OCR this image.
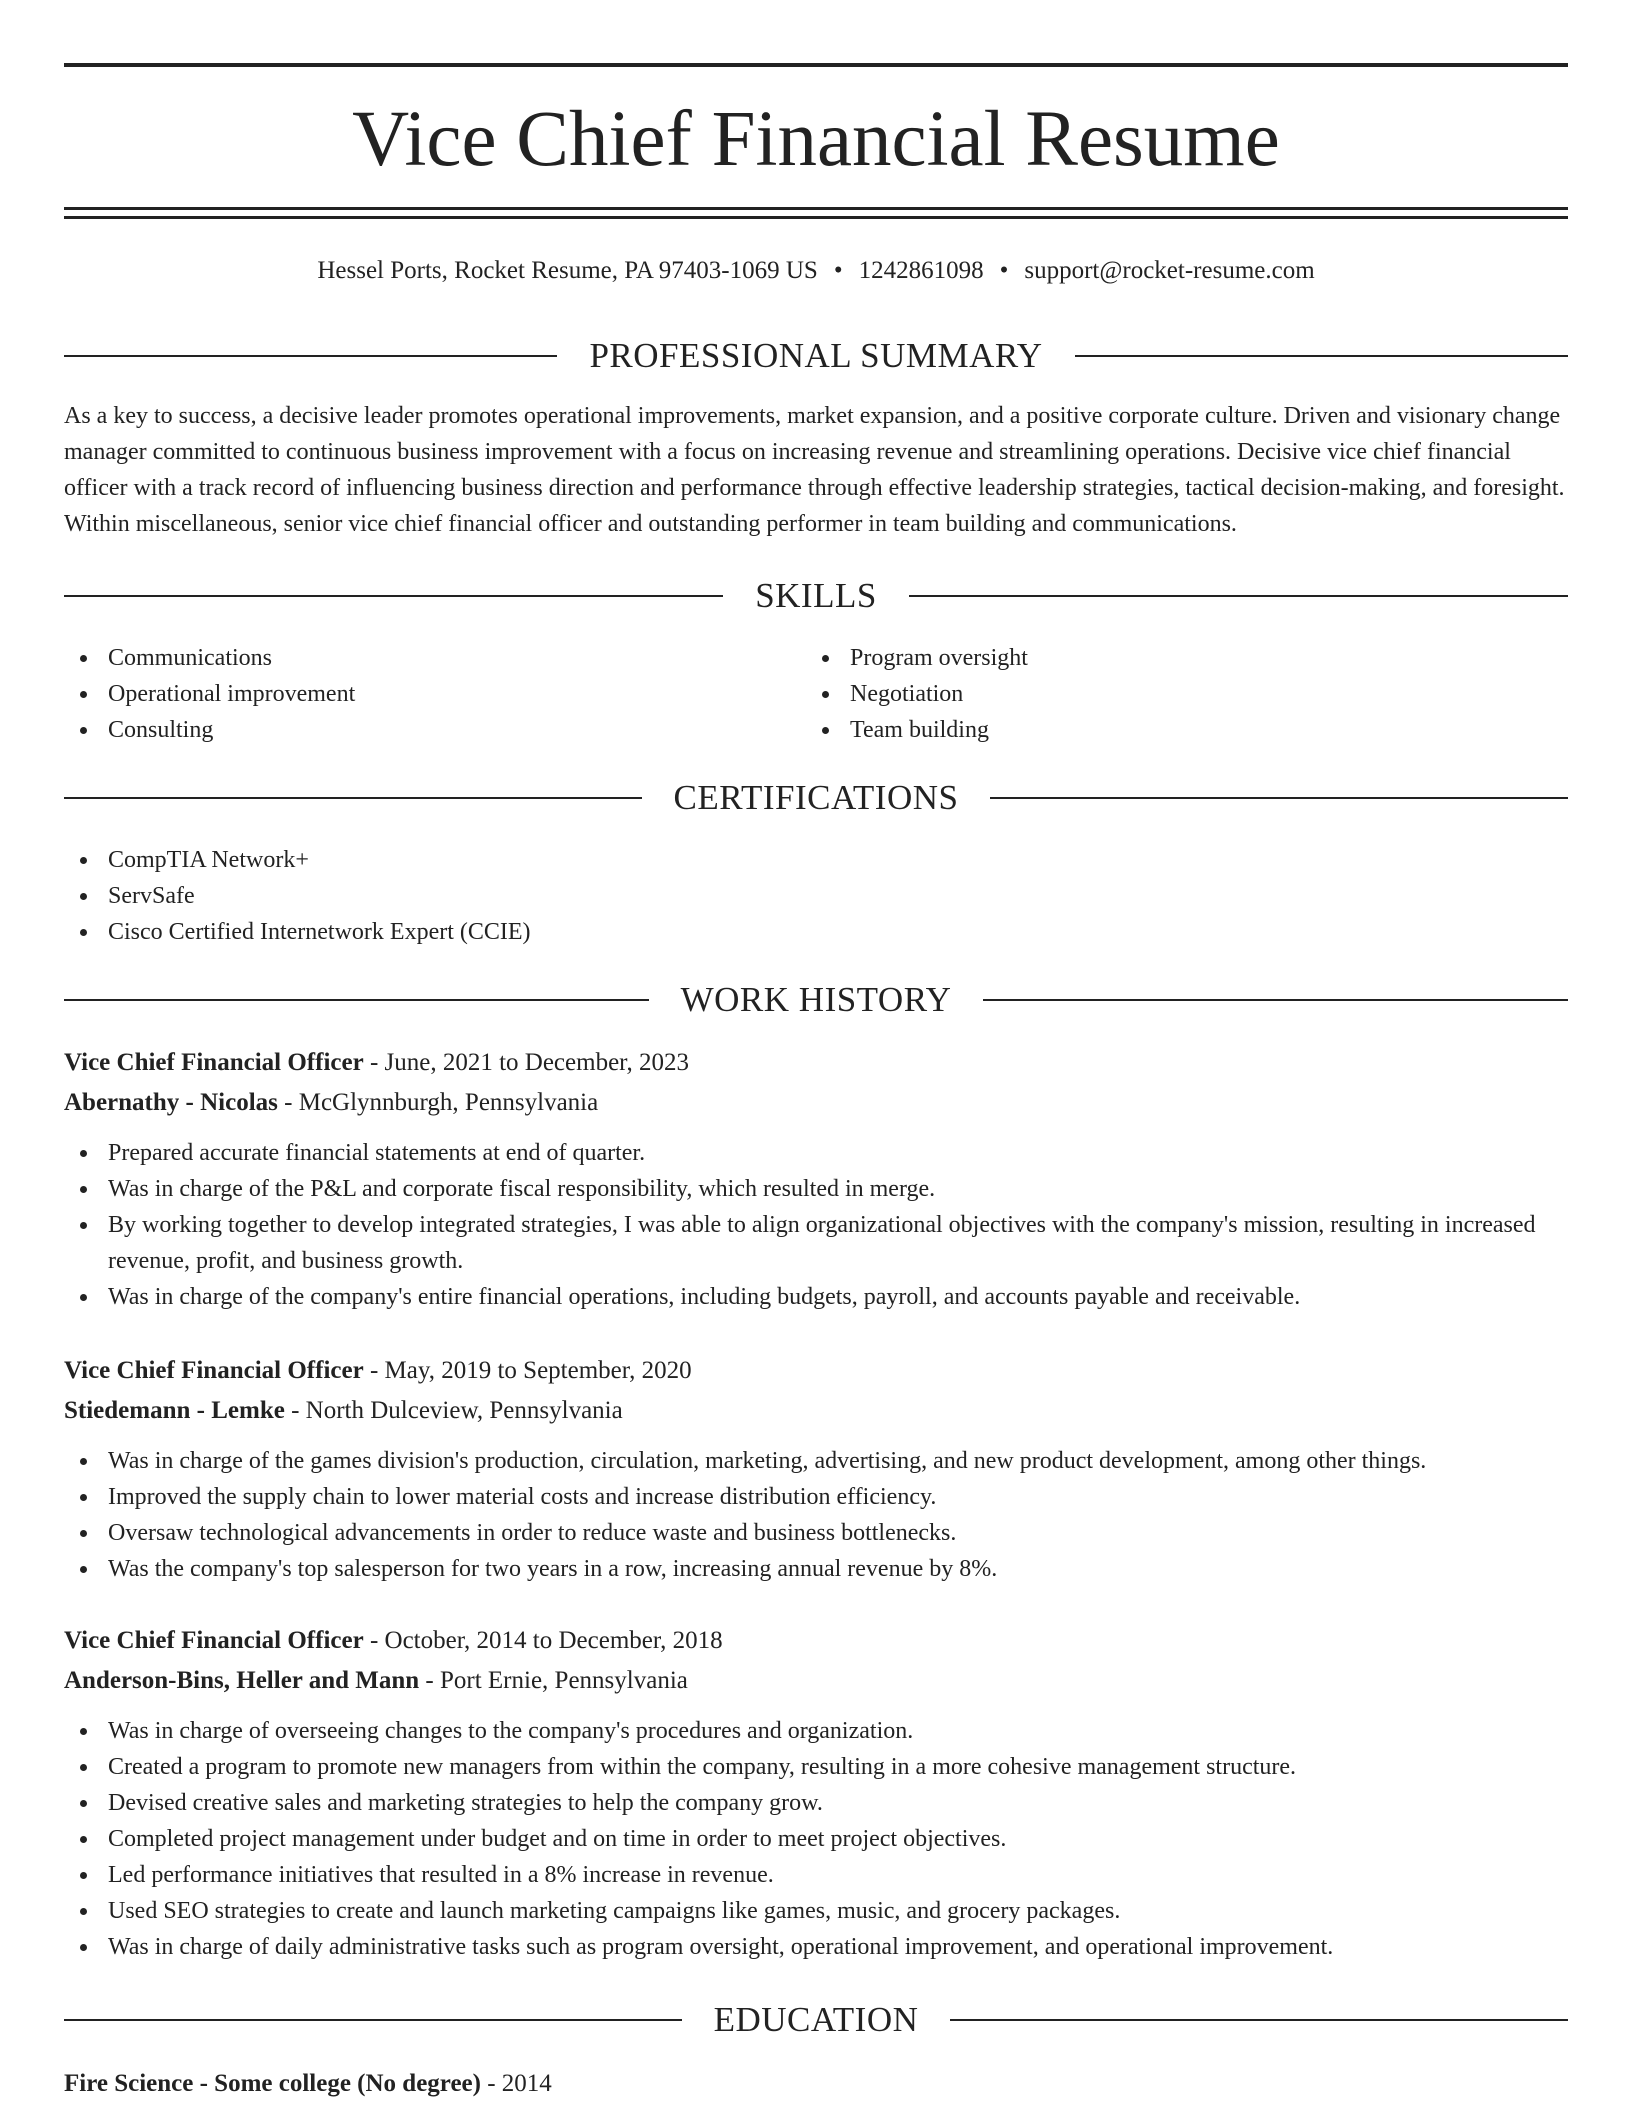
Vice Chief Financial Resume
Hessel Ports, Rocket Resume, PA 97403-1069 US • 1242861098 • support@rocket-resume.com
PROFESSIONAL SUMMARY

As a key to success, a decisive leader promotes operational improvements, market expansion, and a positive corporate culture. Driven and visionary change manager committed to continuous business improvement with a focus on increasing revenue and streamlining operations. Decisive vice chief financial officer with a track record of influencing business direction and performance through effective leadership strategies, tactical decision-making, and foresight. Within miscellaneous, senior vice chief financial officer and outstanding performer in team building and communications.

SKILLS
Communications
Operational improvement
Consulting
Program oversight
Negotiation
Team building
CERTIFICATIONS
CompTIA Network+
ServSafe
Cisco Certified Internetwork Expert (CCIE)
WORK HISTORY
Vice Chief Financial Officer - June, 2021 to December, 2023
Abernathy - Nicolas - McGlynnburgh, Pennsylvania
Prepared accurate financial statements at end of quarter.
Was in charge of the P&L and corporate fiscal responsibility, which resulted in merge.
By working together to develop integrated strategies, I was able to align organizational objectives with the company's mission, resulting in increased revenue, profit, and business growth.
Was in charge of the company's entire financial operations, including budgets, payroll, and accounts payable and receivable.
Vice Chief Financial Officer - May, 2019 to September, 2020
Stiedemann - Lemke - North Dulceview, Pennsylvania
Was in charge of the games division's production, circulation, marketing, advertising, and new product development, among other things.
Improved the supply chain to lower material costs and increase distribution efficiency.
Oversaw technological advancements in order to reduce waste and business bottlenecks.
Was the company's top salesperson for two years in a row, increasing annual revenue by 8%.
Vice Chief Financial Officer - October, 2014 to December, 2018
Anderson-Bins, Heller and Mann - Port Ernie, Pennsylvania
Was in charge of overseeing changes to the company's procedures and organization.
Created a program to promote new managers from within the company, resulting in a more cohesive management structure.
Devised creative sales and marketing strategies to help the company grow.
Completed project management under budget and on time in order to meet project objectives.
Led performance initiatives that resulted in a 8% increase in revenue.
Used SEO strategies to create and launch marketing campaigns like games, music, and grocery packages.
Was in charge of daily administrative tasks such as program oversight, operational improvement, and operational improvement.
EDUCATION
Fire Science - Some college (No degree) - 2014
